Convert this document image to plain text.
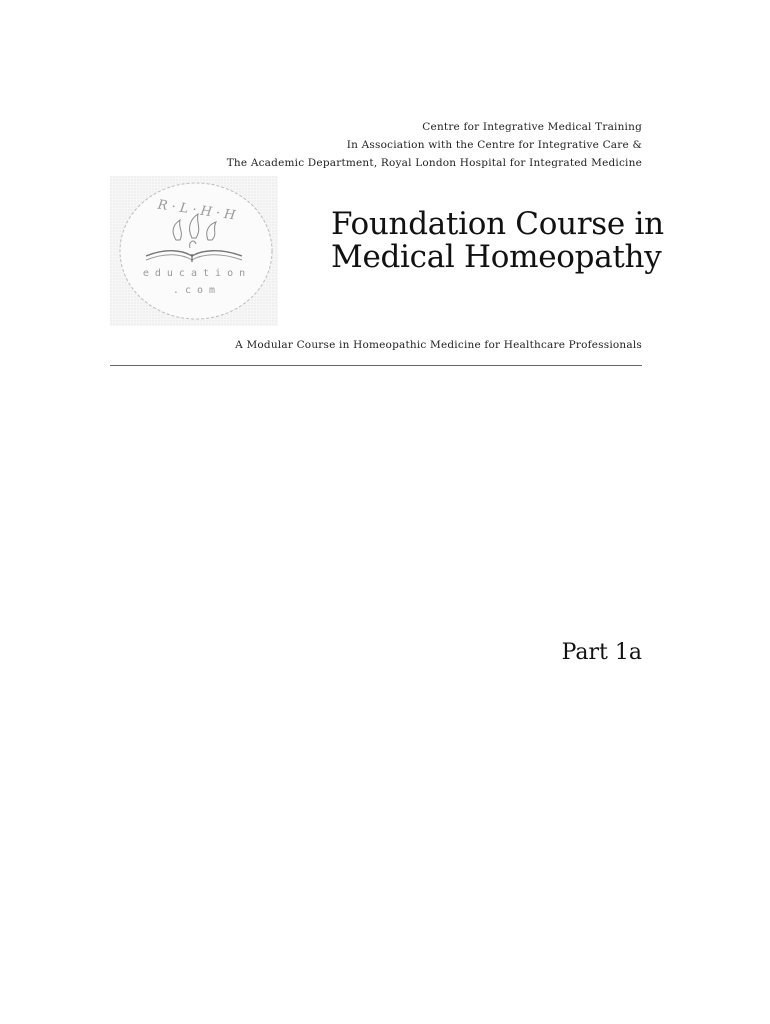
Centre for Integrative Medical Training
In Association with the Centre for Integrative Care &
The Academic Department, Royal London Hospital for Integrated Medicine
R · L · H · H
e d u c a t i o n
. c o m
Foundation Course in
Medical Homeopathy
A Modular Course in Homeopathic Medicine for Healthcare Professionals
Part 1a
